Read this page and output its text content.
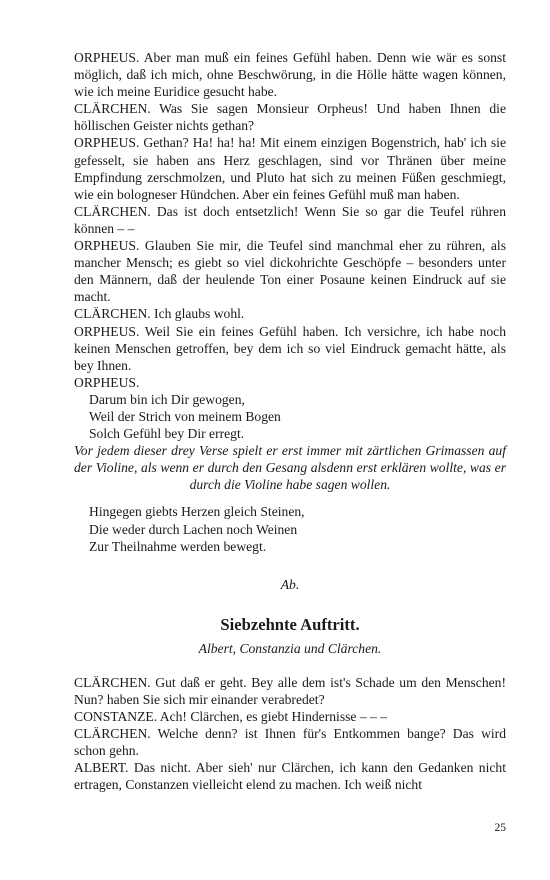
ORPHEUS. Aber man muß ein feines Gefühl haben. Denn wie wär es sonst möglich, daß ich mich, ohne Beschwörung, in die Hölle hätte wagen können, wie ich meine Euridice gesucht habe.

CLÄRCHEN. Was Sie sagen Monsieur Orpheus! Und haben Ihnen die höllischen Geister nichts gethan?

ORPHEUS. Gethan? Ha! ha! ha! Mit einem einzigen Bogenstrich, hab' ich sie gefesselt, sie haben ans Herz geschlagen, sind vor Thränen über meine Empfindung zerschmolzen, und Pluto hat sich zu meinen Füßen geschmiegt, wie ein bologneser Hündchen. Aber ein feines Gefühl muß man haben.

CLÄRCHEN. Das ist doch entsetzlich! Wenn Sie so gar die Teufel rühren können – –

ORPHEUS. Glauben Sie mir, die Teufel sind manchmal eher zu rühren, als mancher Mensch; es giebt so viel dickohrichte Geschöpfe – besonders unter den Männern, daß der heulende Ton einer Posaune keinen Eindruck auf sie macht.

CLÄRCHEN. Ich glaubs wohl.

ORPHEUS. Weil Sie ein feines Gefühl haben. Ich versichre, ich habe noch keinen Menschen getroffen, bey dem ich so viel Eindruck gemacht hätte, als bey Ihnen.

ORPHEUS.

Darum bin ich Dir gewogen,
Weil der Strich von meinem Bogen
Solch Gefühl bey Dir erregt.

Vor jedem dieser drey Verse spielt er erst immer mit zärtlichen Grimassen auf der Violine, als wenn er durch den Gesang alsdenn erst erklären wollte, was er durch die Violine habe sagen wollen.

Hingegen giebts Herzen gleich Steinen,
Die weder durch Lachen noch Weinen
Zur Theilnahme werden bewegt.
Ab.
Siebzehnte Auftritt.
Albert, Constanzia und Clärchen.

CLÄRCHEN. Gut daß er geht. Bey alle dem ist's Schade um den Menschen! Nun? haben Sie sich mir einander verabredet?

CONSTANZE. Ach! Clärchen, es giebt Hindernisse – – –

CLÄRCHEN. Welche denn? ist Ihnen für's Entkommen bange? Das wird schon gehn.

ALBERT. Das nicht. Aber sieh' nur Clärchen, ich kann den Gedanken nicht ertragen, Constanzen vielleicht elend zu machen. Ich weiß nicht

25
